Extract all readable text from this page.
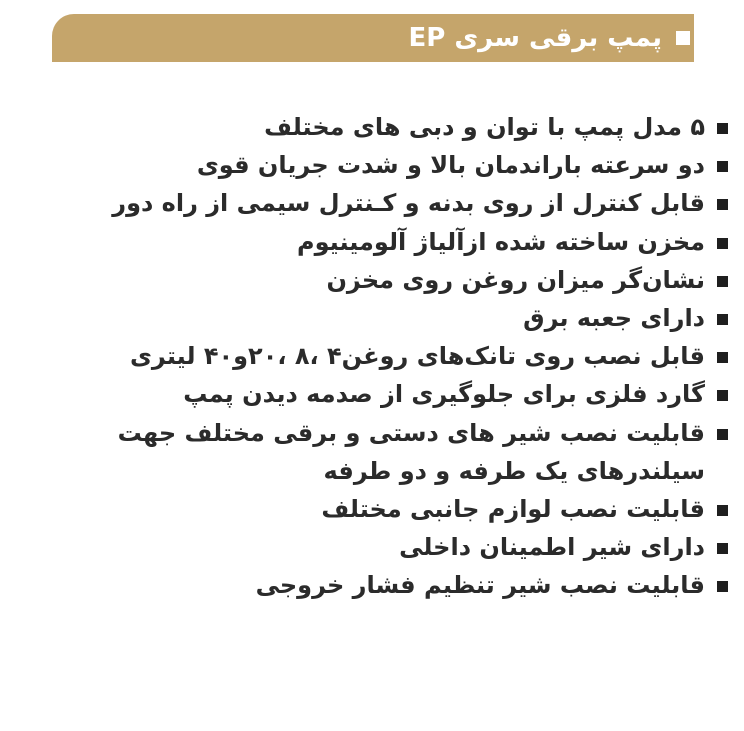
پمپ برقی سری EP
۵ مدل پمپ با توان و دبی های مختلف
دو سرعته باراندمان بالا و شدت جریان قوی
قابل کنترل از روی بدنه و کـنترل سیمی از راه دور
مخزن ساخته شده ازآلیاژ آلومینیوم
نشان‌گر میزان روغن روی مخزن
دارای جعبه برق
قابل نصب روی تانک‌های روغن۴ ،۸ ،۲۰و۴۰ لیتری
گارد فلزی برای جلوگیری از صدمه دیدن پمپ
قابلیت نصب شیر های دستی و برقی مختلف جهت سیلندرهای یک طرفه و دو طرفه
قابلیت نصب لوازم جانبی مختلف
دارای شیر اطمینان داخلی
قابلیت نصب شیر تنظیم فشار خروجی
